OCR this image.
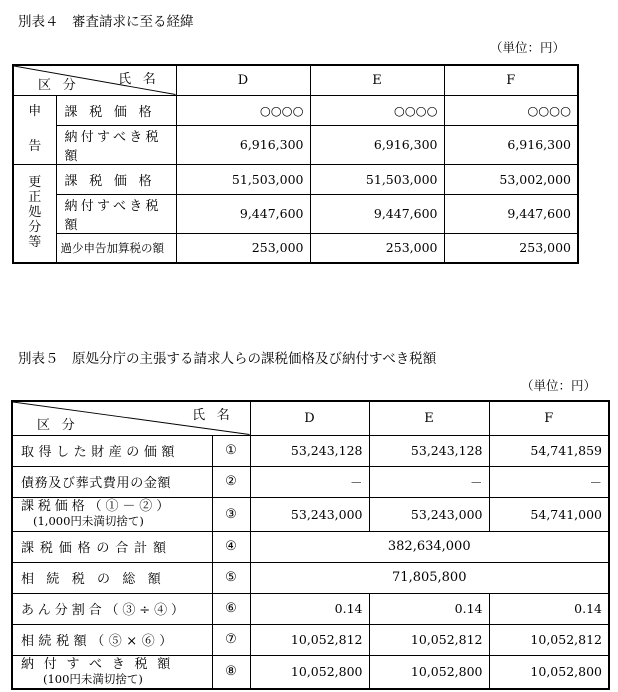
別表４　審査請求に至る経緯
（単位：円）
氏名
区分		D	E	F
申

告	課税価格	○○○○	○○○○	○○○○
	納付すべき税額	6,916,300	6,916,300	6,916,300
更
正
処
分
等	課税価格	51,503,000	51,503,000	53,002,000
	納付すべき税額	9,447,600	9,447,600	9,447,600
	過少申告加算税の額	253,000	253,000	253,000
別表５　原処分庁の主張する請求人らの課税価格及び納付すべき税額
（単位：円）
氏名
区分		D	E	F
取得した財産の価額	①	53,243,128	53,243,128	54,741,859
債務及び葬式費用の金額	②	－	－	－

課税価格（①－②）
(1,000円未満切捨て)	③	53,243,000	53,243,000	54,741,000
課税価格の合計額	④	382,634,000		
相続税の総額	⑤	71,805,800		
あん分割合（③÷④）	⑥	0.14	0.14	0.14
相続税額（⑤×⑥）	⑦	10,052,812	10,052,812	10,052,812

納付すべき税額
(100円未満切捨て)	⑧	10,052,800	10,052,800	10,052,800
